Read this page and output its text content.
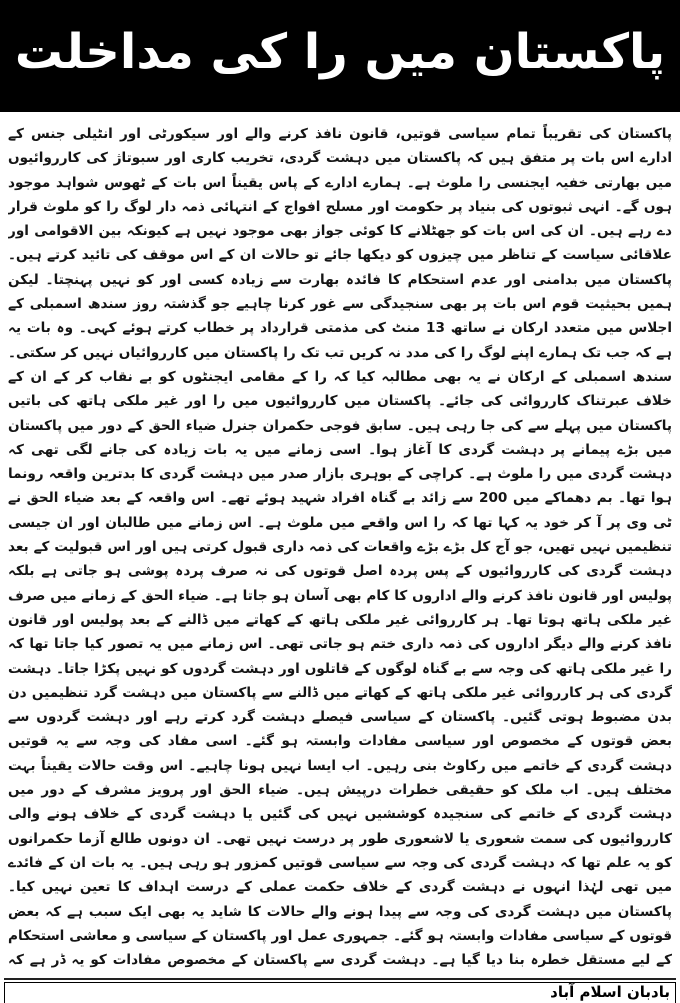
پاکستان میں را کی مداخلت
پاکستان کی تقریباً تمام سیاسی قوتیں، قانون نافذ کرنے والے اور سیکورٹی اور انٹیلی جنس کے ادارے اس بات پر متفق ہیں کہ پاکستان میں دہشت گردی، تخریب کاری اور سبوتاژ کی کارروائیوں میں بھارتی خفیہ ایجنسی را ملوث ہے۔ ہمارے ادارے کے پاس یقیناً اس بات کے ٹھوس شواہد موجود ہوں گے۔ انہی ثبوتوں کی بنیاد پر حکومت اور مسلح افواج کے انتہائی ذمہ دار لوگ را کو ملوث قرار دے رہے ہیں۔ ان کی اس بات کو جھٹلانے کا کوئی جواز بھی موجود نہیں ہے کیونکہ بین الاقوامی اور علاقائی سیاست کے تناظر میں چیزوں کو دیکھا جائے تو حالات ان کے اس موقف کی تائید کرتے ہیں۔ پاکستان میں بدامنی اور عدم استحکام کا فائدہ بھارت سے زیادہ کسی اور کو نہیں پہنچتا۔ لیکن ہمیں بحیثیت قوم اس بات پر بھی سنجیدگی سے غور کرنا چاہیے جو گذشتہ روز سندھ اسمبلی کے اجلاس میں متعدد ارکان نے ساتھ 13 منٹ کی مذمتی قرارداد پر خطاب کرتے ہوئے کہی۔ وہ بات یہ ہے کہ جب تک ہمارے اپنے لوگ را کی مدد نہ کریں تب تک را پاکستان میں کارروائیاں نہیں کر سکتی۔ سندھ اسمبلی کے ارکان نے یہ بھی مطالبہ کیا کہ را کے مقامی ایجنٹوں کو بے نقاب کر کے ان کے خلاف عبرتناک کارروائی کی جائے۔ پاکستان میں کارروائیوں میں را اور غیر ملکی ہاتھ کی باتیں پاکستان میں پہلے سے کی جا رہی ہیں۔ سابق فوجی حکمران جنرل ضیاء الحق کے دور میں پاکستان میں بڑے پیمانے پر دہشت گردی کا آغاز ہوا۔ اسی زمانے میں یہ بات زیادہ کی جانے لگی تھی کہ دہشت گردی میں را ملوث ہے۔ کراچی کے بوہری بازار صدر میں دہشت گردی کا بدترین واقعہ رونما ہوا تھا۔ بم دھماکے میں 200 سے زائد بے گناہ افراد شہید ہوئے تھے۔ اس واقعہ کے بعد ضیاء الحق نے ٹی وی پر آ کر خود یہ کہا تھا کہ را اس واقعے میں ملوث ہے۔ اس زمانے میں طالبان اور ان جیسی تنظیمیں نہیں تھیں، جو آج کل بڑے بڑے واقعات کی ذمہ داری قبول کرتی ہیں اور اس قبولیت کے بعد دہشت گردی کی کارروائیوں کے پس پردہ اصل قوتوں کی نہ صرف پردہ پوشی ہو جاتی ہے بلکہ پولیس اور قانون نافذ کرنے والے اداروں کا کام بھی آسان ہو جاتا ہے۔ ضیاء الحق کے زمانے میں صرف غیر ملکی ہاتھ ہوتا تھا۔ ہر کارروائی غیر ملکی ہاتھ کے کھاتے میں ڈالنے کے بعد پولیس اور قانون نافذ کرنے والے دیگر اداروں کی ذمہ داری ختم ہو جاتی تھی۔ اس زمانے میں یہ تصور کیا جاتا تھا کہ را غیر ملکی ہاتھ کی وجہ سے بے گناہ لوگوں کے قاتلوں اور دہشت گردوں کو نہیں پکڑا جاتا۔ دہشت گردی کی ہر کارروائی غیر ملکی ہاتھ کے کھاتے میں ڈالنے سے پاکستان میں دہشت گرد تنظیمیں دن بدن مضبوط ہوتی گئیں۔ پاکستان کے سیاسی فیصلے دہشت گرد کرتے رہے اور دہشت گردوں سے بعض قوتوں کے مخصوص اور سیاسی مفادات وابستہ ہو گئے۔ اسی مفاد کی وجہ سے یہ قوتیں دہشت گردی کے خاتمے میں رکاوٹ بنی رہیں۔ اب ایسا نہیں ہونا چاہیے۔ اس وقت حالات یقیناً بہت مختلف ہیں۔ اب ملک کو حقیقی خطرات درپیش ہیں۔ ضیاء الحق اور پرویز مشرف کے دور میں دہشت گردی کے خاتمے کی سنجیدہ کوششیں نہیں کی گئیں یا دہشت گردی کے خلاف ہونے والی کارروائیوں کی سمت شعوری یا لاشعوری طور پر درست نہیں تھی۔ ان دونوں طالع آزما حکمرانوں کو یہ علم تھا کہ دہشت گردی کی وجہ سے سیاسی قوتیں کمزور ہو رہی ہیں۔ یہ بات ان کے فائدے میں تھی لہٰذا انہوں نے دہشت گردی کے خلاف حکمت عملی کے درست اہداف کا تعین نہیں کیا۔ پاکستان میں دہشت گردی کی وجہ سے پیدا ہونے والے حالات کا شاید یہ بھی ایک سبب ہے کہ بعض قوتوں کے سیاسی مفادات وابستہ ہو گئے۔ جمہوری عمل اور پاکستان کے سیاسی و معاشی استحکام کے لیے مستقل خطرہ بنا دیا گیا ہے۔ دہشت گردی سے پاکستان کے مخصوص مفادات کو یہ ڈر ہے کہ
بادبان اسلام آباد
